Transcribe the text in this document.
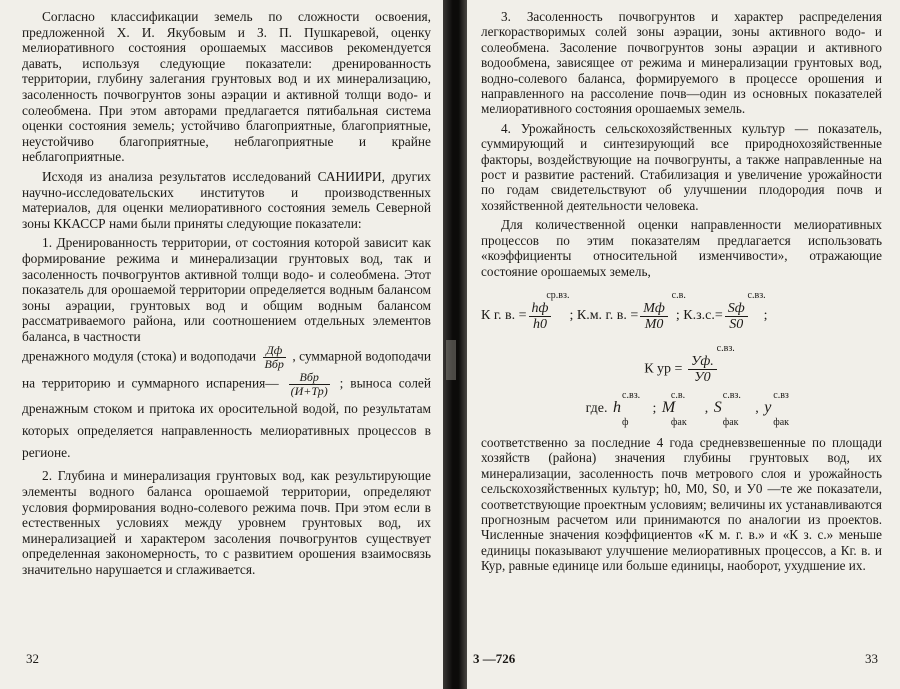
Согласно классификации земель по сложности освоения, предложенной Х. И. Якубовым и З. П. Пушкаревой, оценку мелиоративного состояния орошаемых массивов рекомендуется давать, используя следующие показатели: дренированность территории, глубину залегания грунтовых вод и их минерализацию, засоленность почвогрунтов зоны аэрации и активной толщи водо- и солеобмена. При этом авторами предлагается пятибальная система оценки состояния земель; устойчиво благоприятные, благоприятные, неустойчиво благоприятные, неблагоприятные и крайне неблагоприятные.

Исходя из анализа результатов исследований САНИИРИ, других научно-исследовательских институтов и производственных материалов, для оценки мелиоративного состояния земель Северной зоны ККАССР нами были приняты следующие показатели:

1. Дренированность территории, от состояния которой зависит как формирование режима и минерализации грунтовых вод, так и засоленность почвогрунтов активной толщи водо- и солеобмена. Этот показатель для орошаемой территории определяется водным балансом зоны аэрации, грунтовых вод и общим водным балансом рассматриваемого района, или соотношением отдельных элементов баланса, в частности

дренажного модуля (стока) и водоподачи $\frac{Дф}{\text{Вбр}}$ , суммарной водоподачи на территорию и суммарного испарения— $\frac{\text{Вбр}}{(И+Тр)}$ ; выноса солей дренажным стоком и притока их оросительной водой, по результатам которых определяется направленность мелиоративных процессов в регионе.

2. Глубина и минерализация грунтовых вод, как результирующие элементы водного баланса орошаемой территории, определяют условия формирования водно-солевого режима почв. При этом если в естественных условиях между уровнем грунтовых вод, их минерализацией и характером засоления почвогрунтов существует определенная закономерность, то с развитием орошения взаимосвязь значительно нарушается и сглаживается.

32

3. Засоленность почвогрунтов и характер распределения легкорастворимых солей зоны аэрации, зоны активного водо- и солеобмена. Засоление почвогрунтов зоны аэрации и активного водообмена, зависящее от режима и минерализации грунтовых вод, водно-солевого баланса, формируемого в процессе орошения и направленного на рассоление почв—один из основных показателей мелиоративного состояния орошаемых земель.

4. Урожайность сельскохозяйственных культур — показатель, суммирующий и синтезирующий все природнохозяйственные факторы, воздействующие на почвогрунты, а также направленные на рост и развитие растений. Стабилизация и увеличение урожайности по годам свидетельствуют об улучшении плодородия почв и хозяйственной деятельности человека.

Для количественной оценки направленности мелиоративных процессов по этим показателям предлагается использовать «коэффициенты относительной изменчивости», отражающие состояние орошаемых земель,

К г. в. =
ср.вз.
hф
h0
; К.м. г. в. =
с.в.
Mф
M0
; К.з.с.=
с.вз.
Sф
S0
;
К ур =
с.вз.
Уф.
У0
где. h
с.вз.
ф
; М
с.в.
фак
, S
с.вз.
фак
, у
с.вз
фак

соответственно за последние 4 года средневзвешенные по площади хозяйств (района) значения глубины грунтовых вод, их минерализации, засоленность почв метрового слоя и урожайность сельскохозяйственных культур; h0, M0, S0, и У0 —те же показатели, соответствующие проектным условиям; величины их устанавливаются прогнозным расчетом или принимаются по аналогии из проектов. Численные значения коэффициентов «К м. г. в.» и «К з. с.» меньше единицы показывают улучшение мелиоративных процессов, а Кг. в. и Кур, равные единице или больше единицы, наоборот, ухудшение их.

3 —726	33
